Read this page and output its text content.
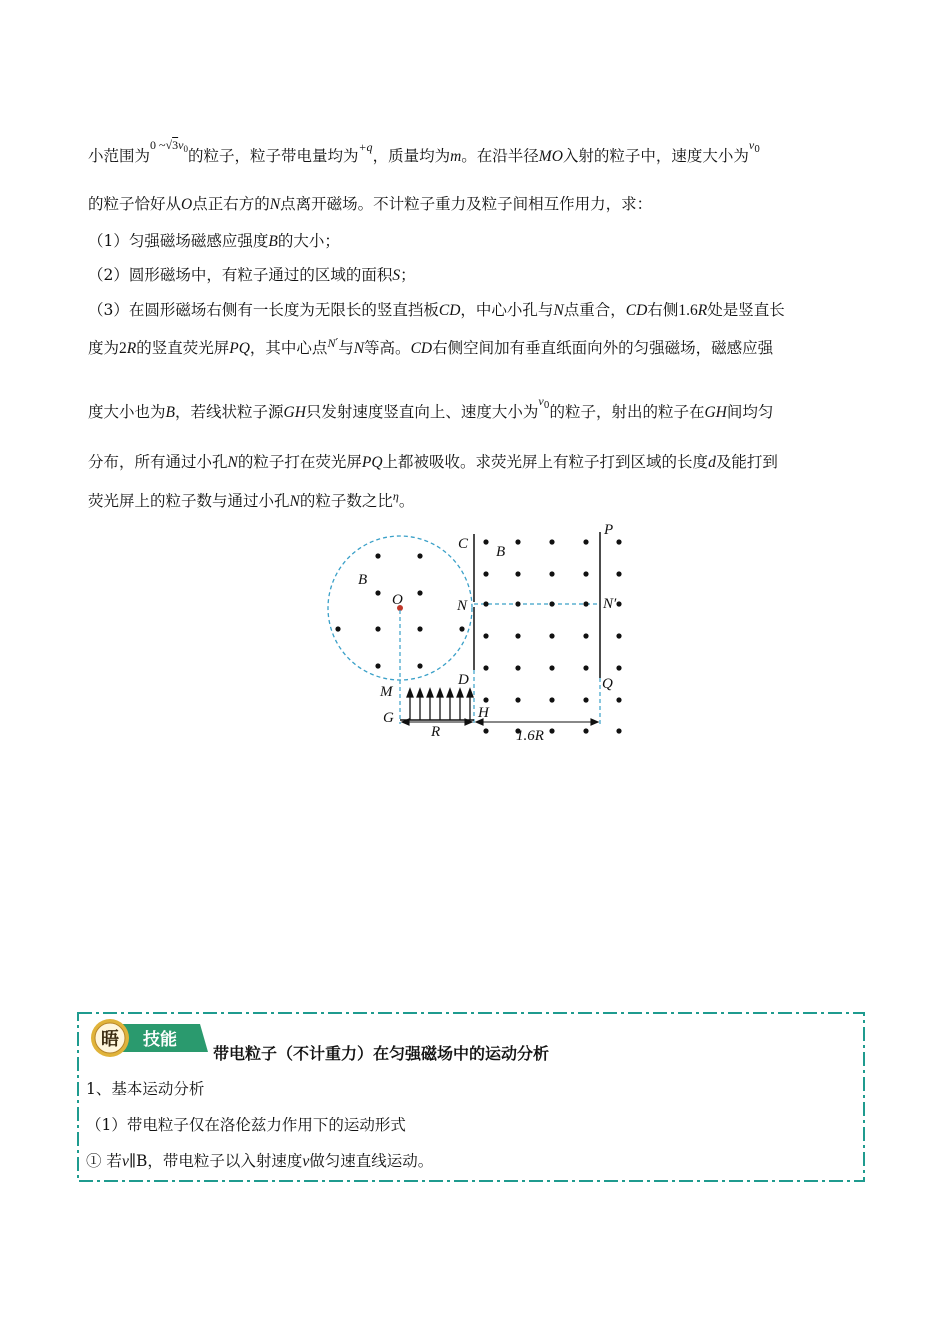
小范围为$^{0 \sim√3v_0}$的粒子，粒子带电量均为$^{+q}$，质量均为m。在沿半径MO入射的粒子中，速度大小为$^{v_0}$
的粒子恰好从O点正右方的N点离开磁场。不计粒子重力及粒子间相互作用力，求：
（1）匀强磁场磁感应强度B的大小；
（2）圆形磁场中，有粒子通过的区域的面积S；
（3）在圆形磁场右侧有一长度为无限长的竖直挡板CD，中心小孔与N点重合，CD右侧1.6R处是竖直长
度为2R的竖直荧光屏PQ，其中心点$^{N'}$与N等高。CD右侧空间加有垂直纸面向外的匀强磁场，磁感应强
度大小也为B，若线状粒子源GH只发射速度竖直向上、速度大小为$^{v_0}$的粒子，射出的粒子在GH间均匀
分布，所有通过小孔N的粒子打在荧光屏PQ上都被吸收。求荧光屏上有粒子打到区域的长度d及能打到
荧光屏上的粒子数与通过小孔N的粒子数之比$^\eta$。
C B
P
B
O	N	N′
M
D	Q
G	H
R	1.6R
晤 技能
带电粒子（不计重力）在匀强磁场中的运动分析
1、基本运动分析
（1）带电粒子仅在洛伦兹力作用下的运动形式
① 若v∥B，带电粒子以入射速度v做匀速直线运动。
